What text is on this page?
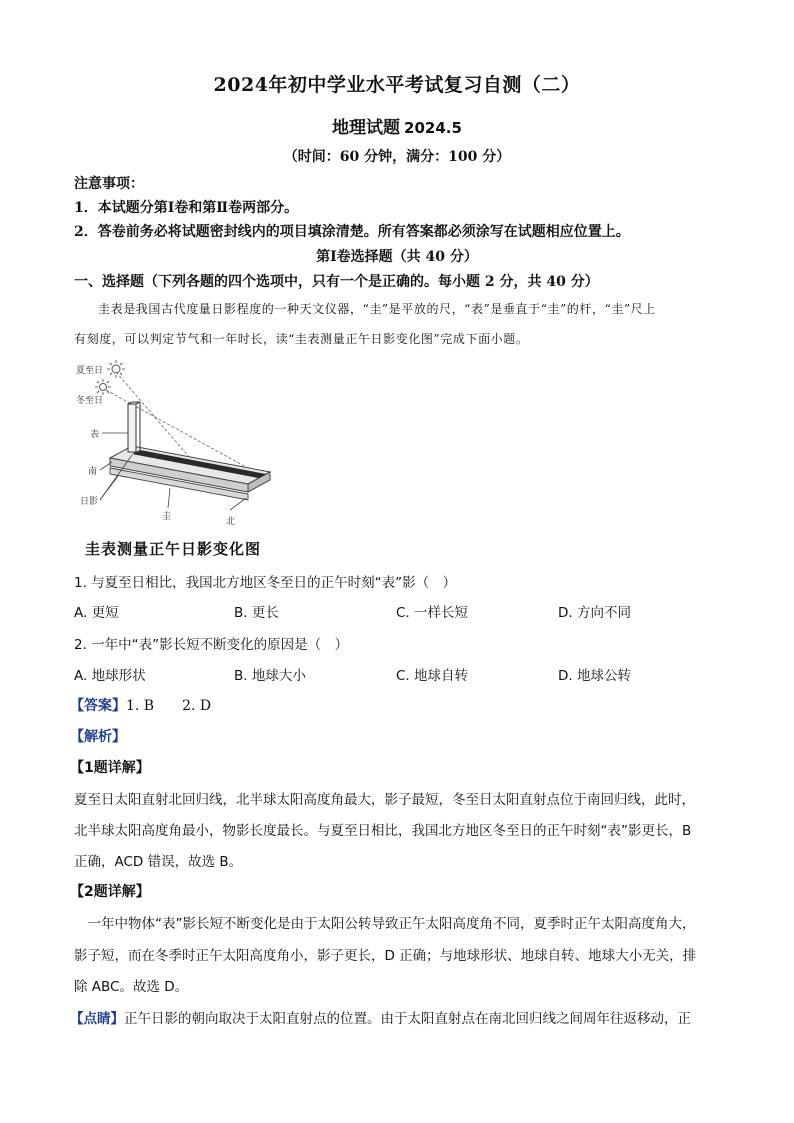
2024年初中学业水平考试复习自测（二）
地理试题 2024.5
（时间：60 分钟，满分：100 分）
注意事项：
1．本试题分第Ⅰ卷和第Ⅱ卷两部分。
2．答卷前务必将试题密封线内的项目填涂清楚。所有答案都必须涂写在试题相应位置上。
第Ⅰ卷选择题（共 40 分）
一、选择题（下列各题的四个选项中，只有一个是正确的。每小题 2 分，共 40 分）
圭表是我国古代度量日影程度的一种天文仪器，“圭”是平放的尺，“表”是垂直于“圭”的杆，“圭”尺上
有刻度，可以判定节气和一年时长，读“圭表测量正午日影变化图”完成下面小题。
夏至日
冬至日
表
南
日影
圭	北
圭表测量正午日影变化图
1. 与夏至日相比，我国北方地区冬至日的正午时刻“表”影（　）
A. 更短	B. 更长	C. 一样长短	D. 方向不同
2. 一年中“表”影长短不断变化的原因是（　）
A. 地球形状	B. 地球大小	C. 地球自转	D. 地球公转
【答案】1. B　　2. D
【解析】
【1题详解】
夏至日太阳直射北回归线，北半球太阳高度角最大，影子最短，冬至日太阳直射点位于南回归线，此时，
北半球太阳高度角最小，物影长度最长。与夏至日相比，我国北方地区冬至日的正午时刻“表”影更长，B
正确，ACD 错误，故选 B。
【2题详解】
　一年中物体“表”影长短不断变化是由于太阳公转导致正午太阳高度角不同，夏季时正午太阳高度角大，
影子短，而在冬季时正午太阳高度角小，影子更长，D 正确；与地球形状、地球自转、地球大小无关，排
除 ABC。故选 D。
【点睛】正午日影的朝向取决于太阳直射点的位置。由于太阳直射点在南北回归线之间周年往返移动，正
